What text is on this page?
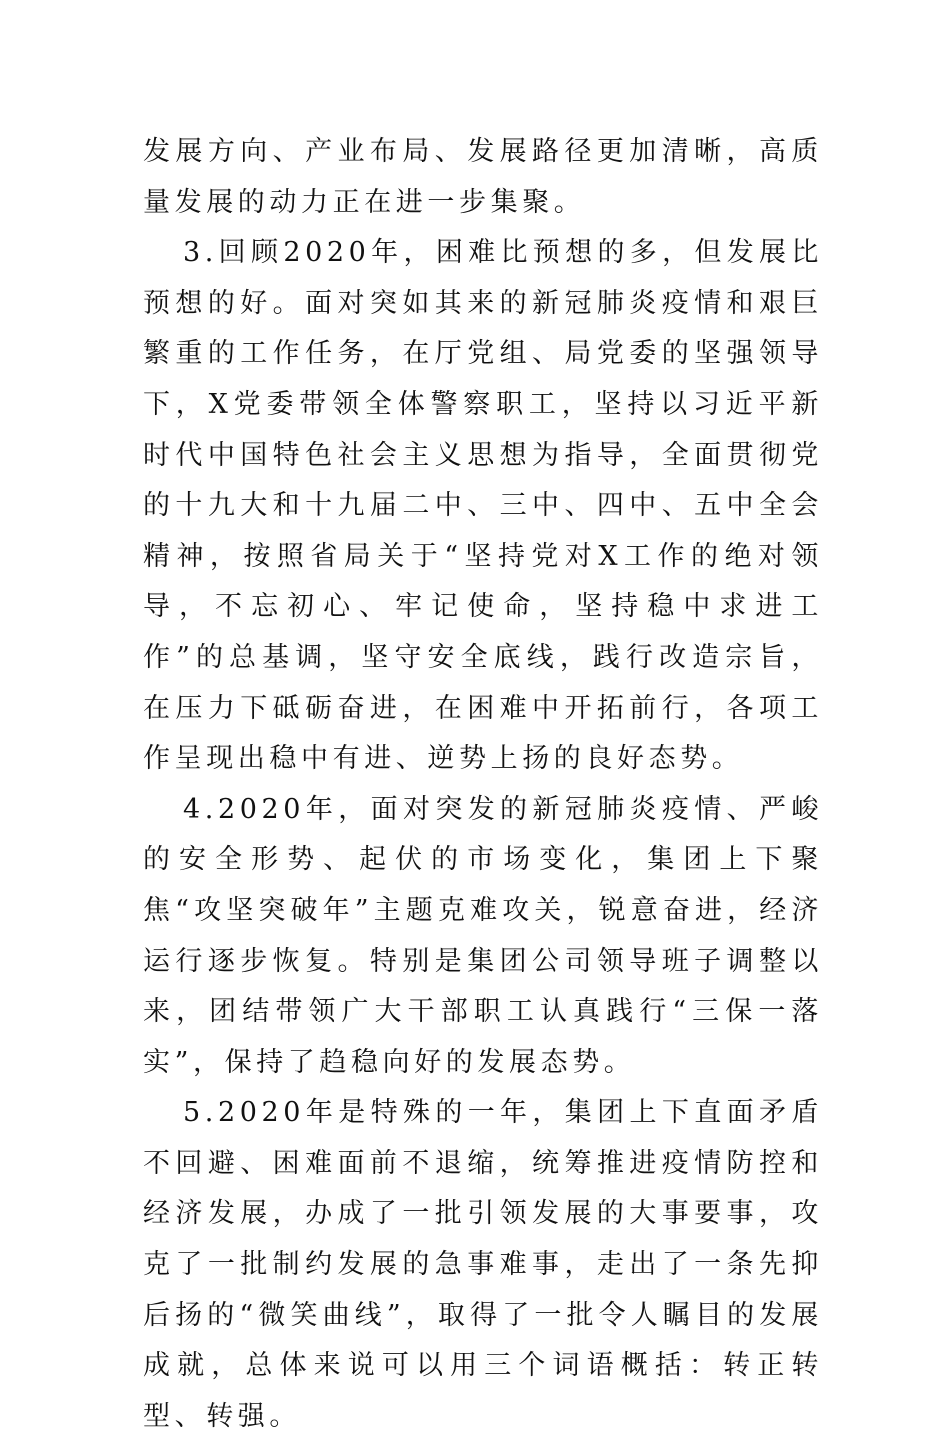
发展方向、产业布局、发展路径更加清晰，高质量发展的动力正在进一步集聚。

3.回顾2020年，困难比预想的多，但发展比预想的好。面对突如其来的新冠肺炎疫情和艰巨繁重的工作任务，在厅党组、局党委的坚强领导下，X党委带领全体警察职工，坚持以习近平新时代中国特色社会主义思想为指导，全面贯彻党的十九大和十九届二中、三中、四中、五中全会精神，按照省局关于“坚持党对X工作的绝对领导，不忘初心、牢记使命，坚持稳中求进工作”的总基调，坚守安全底线，践行改造宗旨，在压力下砥砺奋进，在困难中开拓前行，各项工作呈现出稳中有进、逆势上扬的良好态势。

4.2020年，面对突发的新冠肺炎疫情、严峻的安全形势、起伏的市场变化，集团上下聚焦“攻坚突破年”主题克难攻关，锐意奋进，经济运行逐步恢复。特别是集团公司领导班子调整以来，团结带领广大干部职工认真践行“三保一落实”，保持了趋稳向好的发展态势。

5.2020年是特殊的一年，集团上下直面矛盾不回避、困难面前不退缩，统筹推进疫情防控和经济发展，办成了一批引领发展的大事要事，攻克了一批制约发展的急事难事，走出了一条先抑后扬的“微笑曲线”，取得了一批令人瞩目的发展成就，总体来说可以用三个词语概括：转正转型、转强。
